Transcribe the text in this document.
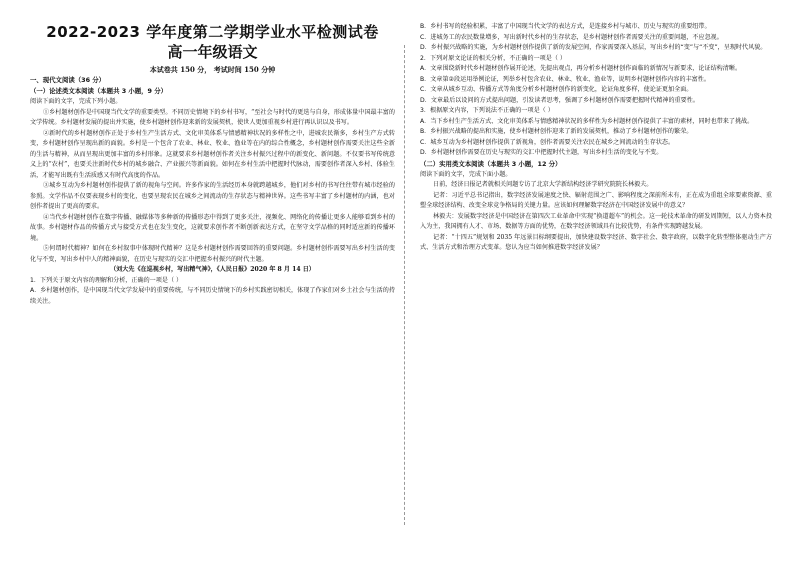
2022-2023 学年度第二学期学业水平检测试卷
高一年级语文
本试卷共 150 分， 考试时间 150 分钟
一、现代文阅读（36 分）
（一）论述类文本阅读（本题共 3 小题，9 分）
阅读下面的文字，完成下列小题。

①乡村题材创作是中国现当代文学的重要类型。不同历史情境下的乡村书写，“至社会与时代的更迭与自身，形成体量中国最丰富的文学传统。乡村题材发展的提出并实施，使乡村题材创作迎来新的发展契机，使世人更加重视乡村进行再认识以及书写。

②新时代的乡村题材创作正处于乡村生产生活方式、文化审美体系与情感精神状况的多样性之中，进城农民渐多，乡村生产方式转变，乡村题材创作呈现出新的面貌。乡村是一个包含了农业、林业、牧业、渔业等在内的综合性概念，乡村题材创作需要关注这些全新的生活与精神，从而呈现出更加丰富的乡村形象。这就要求乡村题材创作者关注乡村振兴过程中的新变化、新问题。不仅要书写传统意义上的“农村”，也要关注新时代乡村的城乡融合、产业振兴等新面貌。如何在乡村生活中把握时代脉动，需要创作者深入乡村、体验生活，才能写出既有生活质感又有时代高度的作品。

③城乡互动为乡村题材创作提供了新的视角与空间。许多作家的生活经历本身就跨越城乡，他们对乡村的书写往往带有城市经验的参照。文学作品不仅要表现乡村的变化，也要呈现农民在城乡之间流动的生存状态与精神世界。这些书写丰富了乡村题材的内涵，也对创作者提出了更高的要求。

④当代乡村题材创作在数字传播、融媒体等多种新的传播形态中得到了更多关注，视频化、网络化的传播让更多人能够看到乡村的故事。乡村题材作品的传播方式与接受方式也在发生变化，这就要求创作者不断创新表达方式，在坚守文学品格的同时适应新的传播环境。

⑤何谓时代精神？如何在乡村叙事中体现时代精神？这是乡村题材创作需要回答的重要问题。乡村题材创作需要写出乡村生活的变化与不变，写出乡村中人的精神面貌，在历史与现实的交汇中把握乡村振兴的时代主题。

（刘大先《在巡视乡村，写出精气神》，《人民日报》2020 年 8 月 14 日）
1．下列关于原文内容的理解和分析，正确的一项是（ ）

A．乡村题材创作，是中国现当代文学发展中的重要传统，与不同历史情境下的乡村实践密切相关，体现了作家们对乡土社会与生活的持续关注。

B．乡村书写的经验积累，丰富了中国现当代文学的表达方式，是连接乡村与城市、历史与现实的重要纽带。

C．进城务工的农民数量增多，写出新时代乡村的生存状态，是乡村题材创作者需要关注的重要问题，不应忽视。

D．乡村振兴战略的实施，为乡村题材创作提供了新的发展空间，作家需要深入基层，写出乡村的“变”与“不变”，呈现时代风貌。

2．下列对原文论证的相关分析，不正确的一项是（ ）

A．文章围绕新时代乡村题材创作展开论述，先提出观点，再分析乡村题材创作面临的新情况与新要求，论证结构清晰。

B．文章第②段运用举例论证，列举乡村包含农业、林业、牧业、渔业等，说明乡村题材创作内容的丰富性。

C．文章从城乡互动、传播方式等角度分析乡村题材创作的新变化，论证角度多样，使论证更加全面。

D．文章最后以设问的方式提出问题，引发读者思考，强调了乡村题材创作需要把握时代精神的重要性。

3．根据原文内容，下列说法不正确的一项是（ ）

A．当下乡村生产生活方式、文化审美体系与情感精神状况的多样性为乡村题材创作提供了丰富的素材，同时也带来了挑战。

B．乡村振兴战略的提出和实施，使乡村题材创作迎来了新的发展契机，推动了乡村题材创作的繁荣。

C．城乡互动为乡村题材创作提供了新视角，创作者需要关注农民在城乡之间流动的生存状态。

D．乡村题材创作需要在历史与现实的交汇中把握时代主题，写出乡村生活的变化与不变。

（二）实用类文本阅读（本题共 3 小题，12 分）
阅读下面的文字，完成下面小题。

日前，经济日报记者就相关问题专访了北京大学新结构经济学研究院院长林毅夫。

记者：习近平总书记指出，数字经济发展速度之快、辐射范围之广、影响程度之深前所未有，正在成为重组全球要素资源、重塑全球经济结构、改变全球竞争格局的关键力量。应该如何理解数字经济在中国经济发展中的意义？

林毅夫：发展数字经济是中国经济在第四次工业革命中实现“换道超车”的机会。这一轮技术革命的研发周期短，以人力资本投入为主，我国拥有人才、市场、数据等方面的优势，在数字经济领域具有比较优势，有条件实现跨越发展。

记者：“十四五”规划和 2035 年远景目标纲要提出，加快建设数字经济、数字社会、数字政府，以数字化转型整体驱动生产方式、生活方式和治理方式变革。您认为应当如何推进数字经济发展？
